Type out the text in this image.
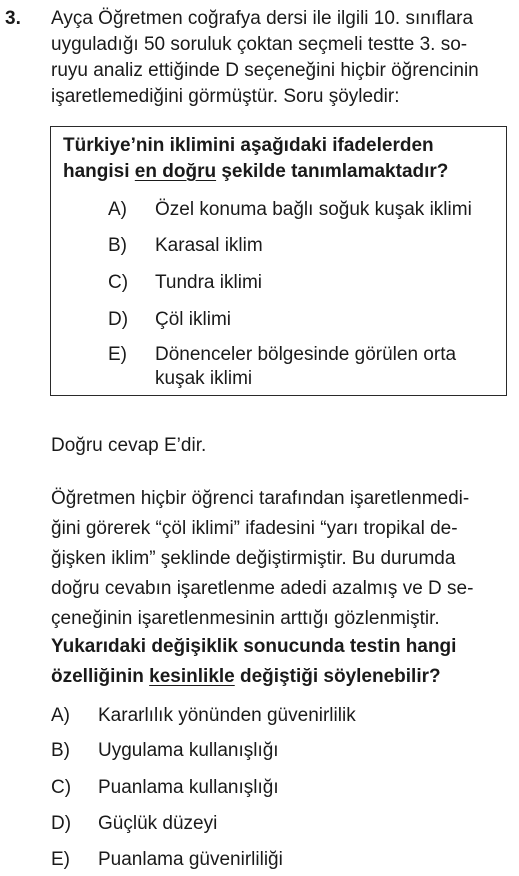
3. Ayça Öğretmen coğrafya dersi ile ilgili 10. sınıflara
uyguladığı 50 soruluk çoktan seçmeli testte 3. so-
ruyu analiz ettiğinde D seçeneğini hiçbir öğrencinin
işaretlemediğini görmüştür. Soru şöyledir:
Türkiye’nin iklimini aşağıdaki ifadelerden
hangisi en doğru şekilde tanımlamaktadır?
A)	Özel konuma bağlı soğuk kuşak iklimi
B)	Karasal iklim
C)	Tundra iklimi
D)	Çöl iklimi
E)	Dönenceler bölgesinde görülen orta
kuşak iklimi
Doğru cevap E’dir.
Öğretmen hiçbir öğrenci tarafından işaretlenmedi-
ğini görerek “çöl iklimi” ifadesini “yarı tropikal de-
ğişken iklim” şeklinde değiştirmiştir. Bu durumda
doğru cevabın işaretlenme adedi azalmış ve D se-
çeneğinin işaretlenmesinin arttığı gözlenmiştir.
Yukarıdaki değişiklik sonucunda testin hangi
özelliğinin kesinlikle değiştiği söylenebilir?
A)	Kararlılık yönünden güvenirlilik
B)	Uygulama kullanışlığı
C)	Puanlama kullanışlığı
D)	Güçlük düzeyi
E)	Puanlama güvenirliliği
